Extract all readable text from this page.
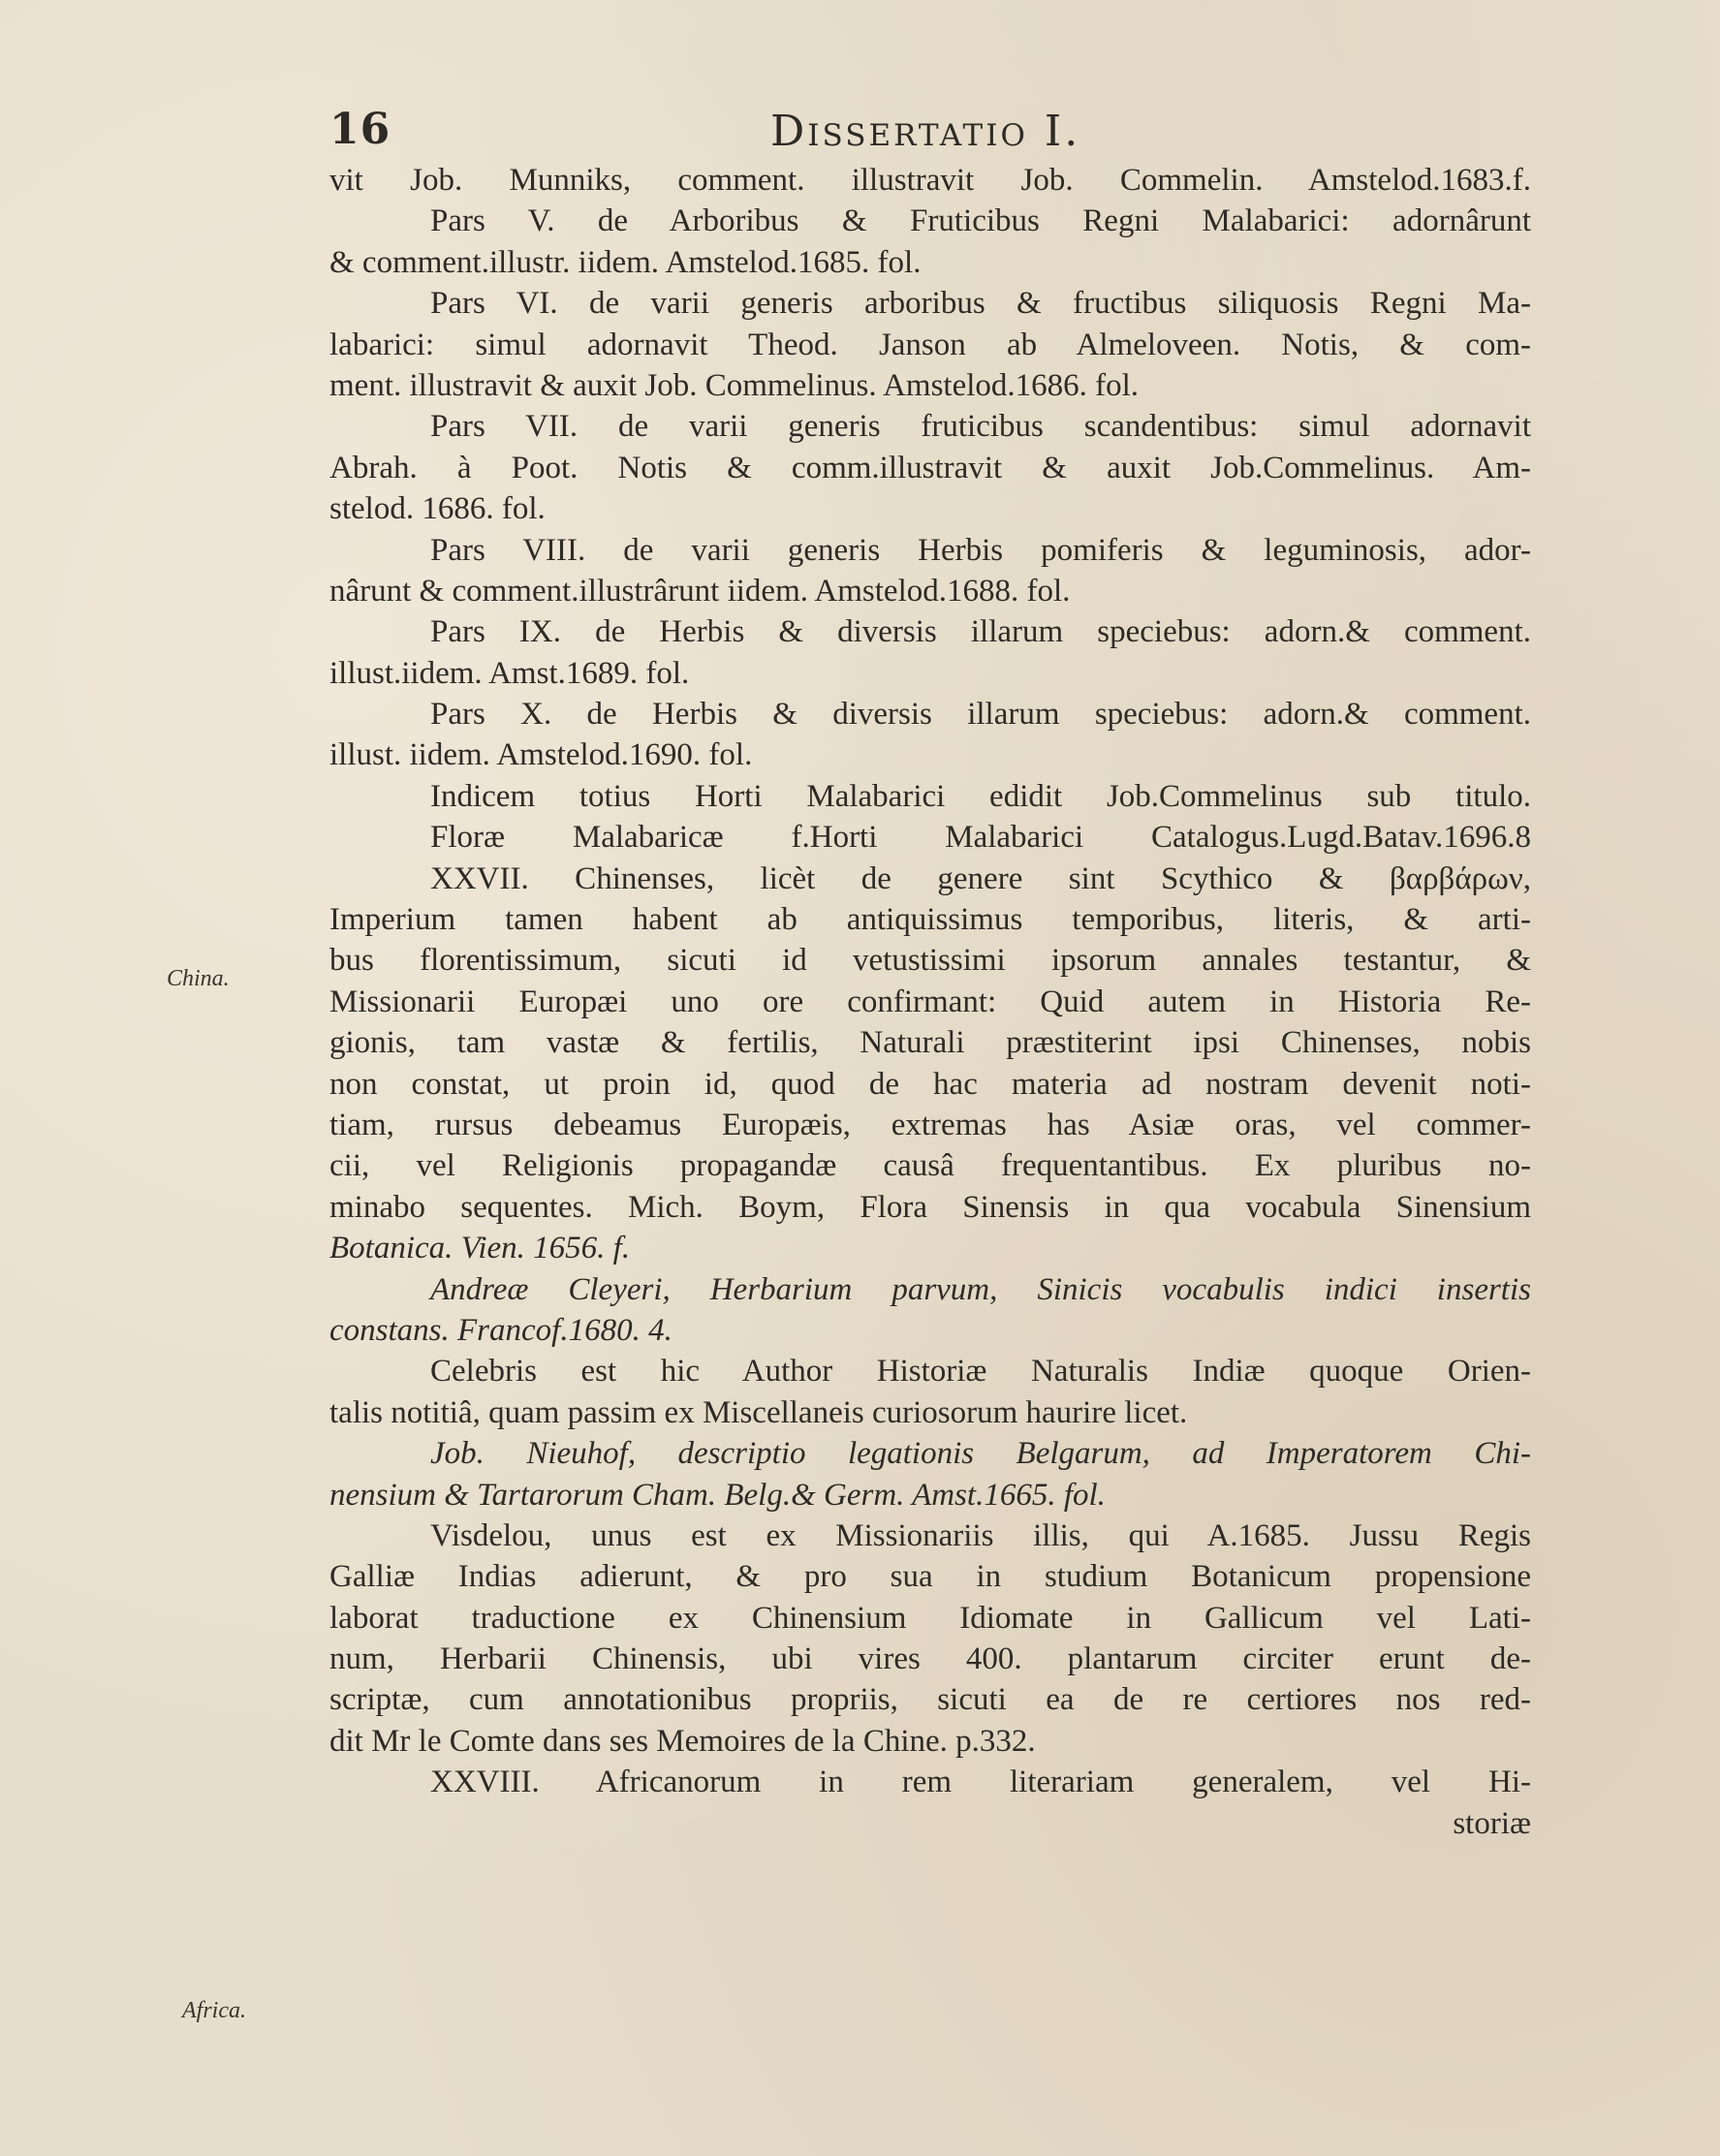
16	Dissertatio I.
China.
Africa.
vit Job. Munniks, comment. illustravit Job. Commelin. Amstelod.1683.f.
Pars V. de Arboribus & Fruticibus Regni Malabarici: adornârunt
& comment.illustr. iidem. Amstelod.1685. fol.
Pars VI. de varii generis arboribus & fructibus siliquosis Regni Ma-
labarici: simul adornavit Theod. Janson ab Almeloveen. Notis, & com-
ment. illustravit & auxit Job. Commelinus. Amstelod.1686. fol.
Pars VII. de varii generis fruticibus scandentibus: simul adornavit
Abrah. à Poot. Notis & comm.illustravit & auxit Job.Commelinus. Am-
stelod. 1686. fol.
Pars VIII. de varii generis Herbis pomiferis & leguminosis, ador-
nârunt & comment.illustrârunt iidem. Amstelod.1688. fol.
Pars IX. de Herbis & diversis illarum speciebus: adorn.& comment.
illust.iidem. Amst.1689. fol.
Pars X. de Herbis & diversis illarum speciebus: adorn.& comment.
illust. iidem. Amstelod.1690. fol.
Indicem totius Horti Malabarici edidit Job.Commelinus sub titulo.
Floræ Malabaricæ f.Horti Malabarici Catalogus.Lugd.Batav.1696.8
XXVII. Chinenses, licèt de genere sint Scythico & βαρβάρων,
Imperium tamen habent ab antiquissimus temporibus, literis, & arti-
bus florentissimum, sicuti id vetustissimi ipsorum annales testantur, &
Missionarii Europæi uno ore confirmant: Quid autem in Historia Re-
gionis, tam vastæ & fertilis, Naturali præstiterint ipsi Chinenses, nobis
non constat, ut proin id, quod de hac materia ad nostram devenit noti-
tiam, rursus debeamus Europæis, extremas has Asiæ oras, vel commer-
cii, vel Religionis propagandæ causâ frequentantibus. Ex pluribus no-
minabo sequentes. Mich. Boym, Flora Sinensis in qua vocabula Sinensium
Botanica. Vien. 1656. f.
Andreæ Cleyeri, Herbarium parvum, Sinicis vocabulis indici insertis
constans. Francof.1680. 4.
Celebris est hic Author Historiæ Naturalis Indiæ quoque Orien-
talis notitiâ, quam passim ex Miscellaneis curiosorum haurire licet.
Job. Nieuhof, descriptio legationis Belgarum, ad Imperatorem Chi-
nensium & Tartarorum Cham. Belg.& Germ. Amst.1665. fol.
Visdelou, unus est ex Missionariis illis, qui A.1685. Jussu Regis
Galliæ Indias adierunt, & pro sua in studium Botanicum propensione
laborat traductione ex Chinensium Idiomate in Gallicum vel Lati-
num, Herbarii Chinensis, ubi vires 400. plantarum circiter erunt de-
scriptæ, cum annotationibus propriis, sicuti ea de re certiores nos red-
dit Mr le Comte dans ses Memoires de la Chine. p.332.
XXVIII. Africanorum in rem literariam generalem, vel Hi-
storiæ
